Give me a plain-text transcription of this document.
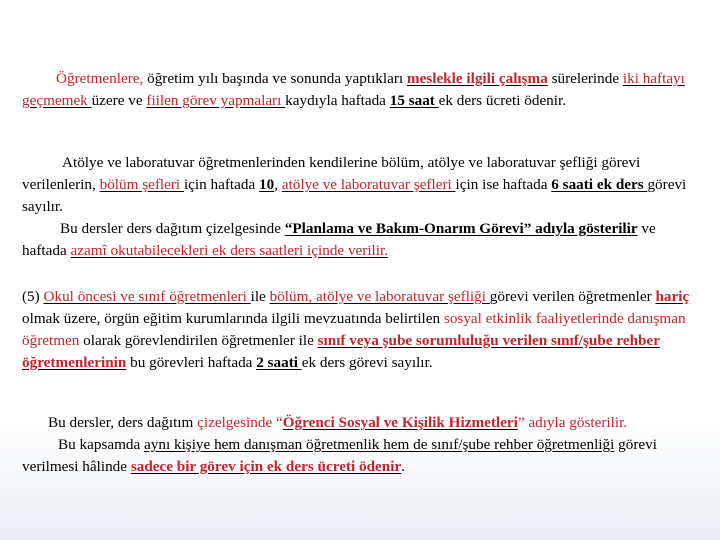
Öğretmenlere, öğretim yılı başında ve sonunda yaptıkları meslekle ilgili çalışma sürelerinde iki haftayı geçmemek üzere ve fiilen görev yapmaları kaydıyla haftada 15 saat ek ders ücreti ödenir.

Atölye ve laboratuvar öğretmenlerinden kendilerine bölüm, atölye ve laboratuvar şefliği görevi verilenlerin, bölüm şefleri için haftada 10, atölye ve laboratuvar şefleri için ise haftada 6 saati ek ders görevi sayılır.
Bu dersler ders dağıtım çizelgesinde “Planlama ve Bakım-Onarım Görevi” adıyla gösterilir ve haftada azamî okutabilecekleri ek ders saatleri içinde verilir.

(5) Okul öncesi ve sınıf öğretmenleri ile bölüm, atölye ve laboratuvar şefliği görevi verilen öğretmenler hariç olmak üzere, örgün eğitim kurumlarında ilgili mevzuatında belirtilen sosyal etkinlik faaliyetlerinde danışman öğretmen olarak görevlendirilen öğretmenler ile sınıf veya şube sorumluluğu verilen sınıf/şube rehber öğretmenlerinin bu görevleri haftada 2 saati ek ders görevi sayılır.

Bu dersler, ders dağıtım çizelgesinde “Öğrenci Sosyal ve Kişilik Hizmetleri” adıyla gösterilir.
Bu kapsamda aynı kişiye hem danışman öğretmenlik hem de sınıf/şube rehber öğretmenliği görevi verilmesi hâlinde sadece bir görev için ek ders ücreti ödenir.
